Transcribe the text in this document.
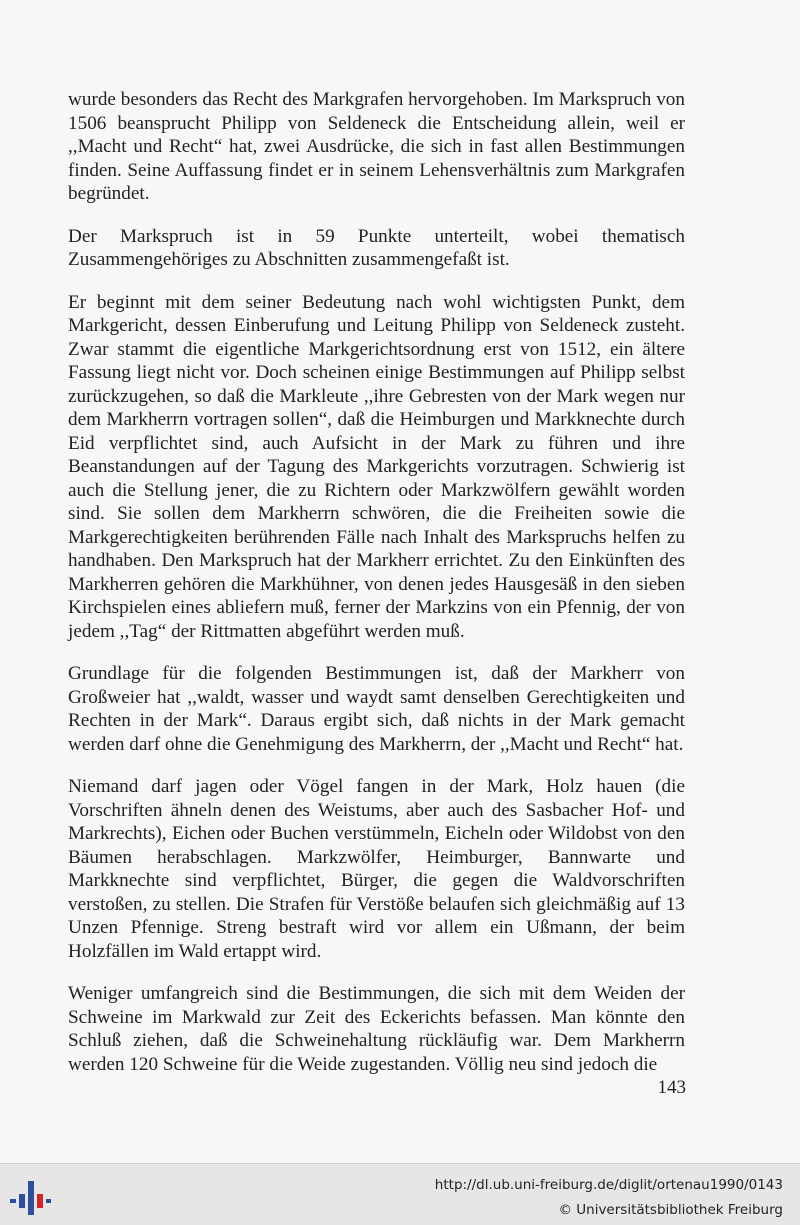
wurde besonders das Recht des Markgrafen hervorgehoben. Im Markspruch von 1506 beansprucht Philipp von Seldeneck die Entscheidung allein, weil er ,,Macht und Recht“ hat, zwei Ausdrücke, die sich in fast allen Bestimmungen finden. Seine Auffassung findet er in seinem Lehensverhältnis zum Markgrafen begründet.

Der Markspruch ist in 59 Punkte unterteilt, wobei thematisch Zusammengehöriges zu Abschnitten zusammengefaßt ist.

Er beginnt mit dem seiner Bedeutung nach wohl wichtigsten Punkt, dem Markgericht, dessen Einberufung und Leitung Philipp von Seldeneck zusteht. Zwar stammt die eigentliche Markgerichtsordnung erst von 1512, ein ältere Fassung liegt nicht vor. Doch scheinen einige Bestimmungen auf Philipp selbst zurückzugehen, so daß die Markleute ,,ihre Gebresten von der Mark wegen nur dem Markherrn vortragen sollen“, daß die Heimburgen und Markknechte durch Eid verpflichtet sind, auch Aufsicht in der Mark zu führen und ihre Beanstandungen auf der Tagung des Markgerichts vorzutragen. Schwierig ist auch die Stellung jener, die zu Richtern oder Markzwölfern gewählt worden sind. Sie sollen dem Markherrn schwören, die die Freiheiten sowie die Markgerechtigkeiten berührenden Fälle nach Inhalt des Markspruchs helfen zu handhaben. Den Markspruch hat der Markherr errichtet. Zu den Einkünften des Markherren gehören die Markhühner, von denen jedes Hausgesäß in den sieben Kirchspielen eines abliefern muß, ferner der Markzins von ein Pfennig, der von jedem ,,Tag“ der Rittmatten abgeführt werden muß.

Grundlage für die folgenden Bestimmungen ist, daß der Markherr von Großweier hat ,,waldt, wasser und waydt samt denselben Gerechtigkeiten und Rechten in der Mark“. Daraus ergibt sich, daß nichts in der Mark gemacht werden darf ohne die Genehmigung des Markherrn, der ,,Macht und Recht“ hat.

Niemand darf jagen oder Vögel fangen in der Mark, Holz hauen (die Vorschriften ähneln denen des Weistums, aber auch des Sasbacher Hof- und Markrechts), Eichen oder Buchen verstümmeln, Eicheln oder Wildobst von den Bäumen herabschlagen. Markzwölfer, Heimburger, Bannwarte und Markknechte sind verpflichtet, Bürger, die gegen die Waldvorschriften verstoßen, zu stellen. Die Strafen für Verstöße belaufen sich gleichmäßig auf 13 Unzen Pfennige. Streng bestraft wird vor allem ein Ußmann, der beim Holzfällen im Wald ertappt wird.

Weniger umfangreich sind die Bestimmungen, die sich mit dem Weiden der Schweine im Markwald zur Zeit des Eckerichts befassen. Man könnte den Schluß ziehen, daß die Schweinehaltung rückläufig war. Dem Markherrn werden 120 Schweine für die Weide zugestanden. Völlig neu sind jedoch die

143
http://dl.ub.uni-freiburg.de/diglit/ortenau1990/0143
© Universitätsbibliothek Freiburg
